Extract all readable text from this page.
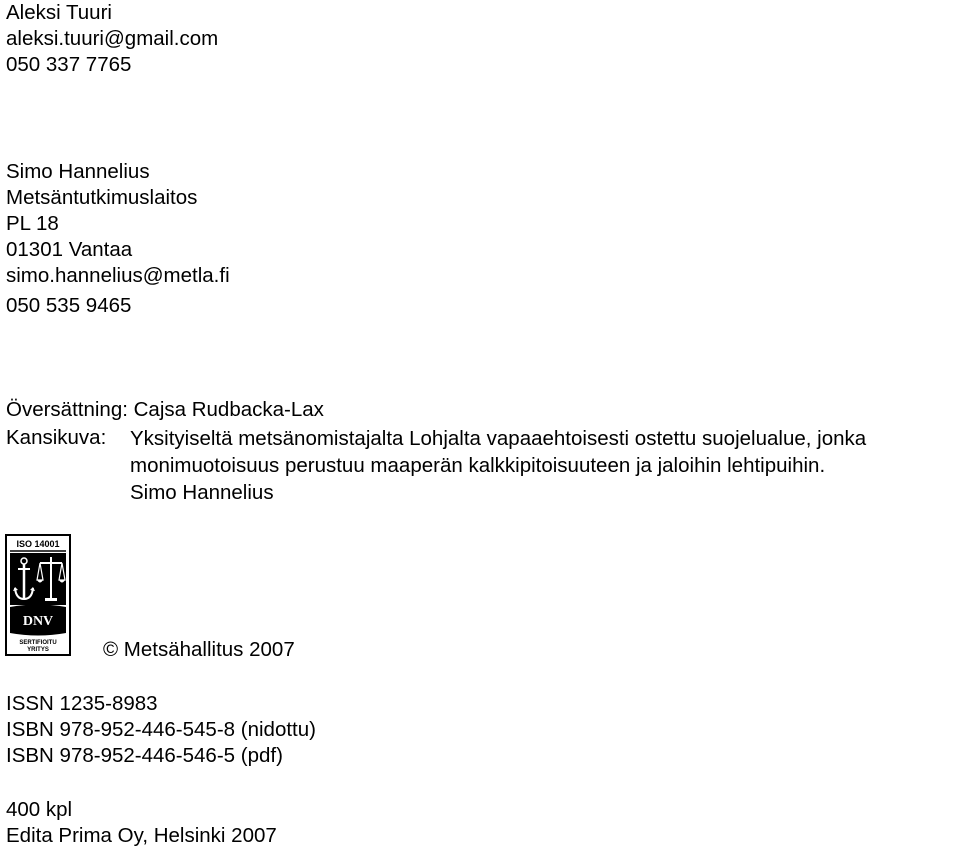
Aleksi Tuuri
aleksi.tuuri@gmail.com
050 337 7765
Simo Hannelius
Metsäntutkimuslaitos
PL 18
01301 Vantaa
simo.hannelius@metla.fi
050 535 9465
Översättning: Cajsa Rudbacka-Lax
Kansikuva: Yksityiseltä metsänomistajalta Lohjalta vapaaehtoisesti ostettu suojelualue, jonka monimuotoisuus perustuu maaperän kalkkipitoisuuteen ja jaloihin lehtipuihin.
Simo Hannelius
ISO 14001
DNV
SERTIFIOITU
YRITYS	© Metsähallitus 2007
ISSN 1235-8983
ISBN 978-952-446-545-8 (nidottu)
ISBN 978-952-446-546-5 (pdf)
400 kpl
Edita Prima Oy, Helsinki 2007
